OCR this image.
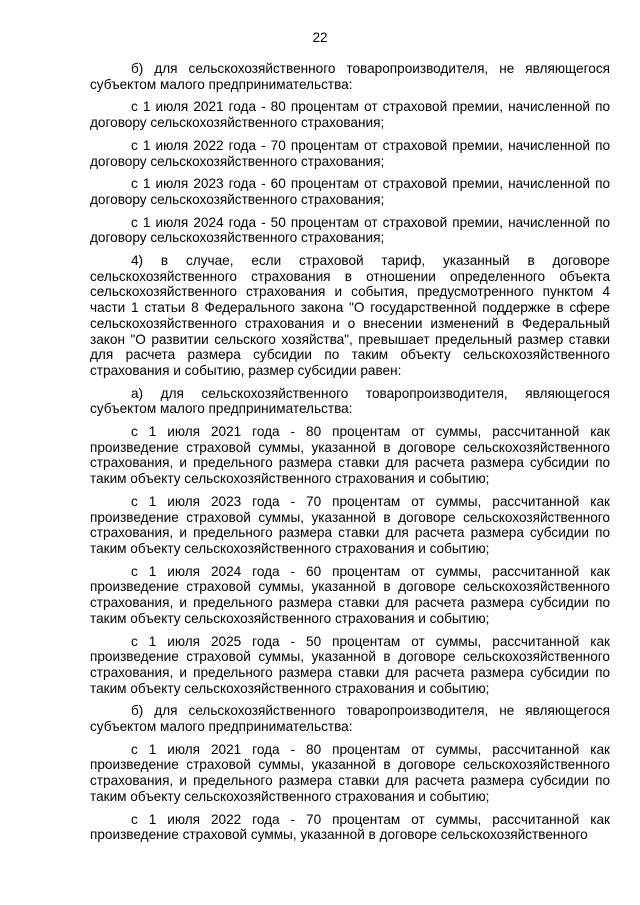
22

б) для сельскохозяйственного товаропроизводителя, не являющегося субъектом малого предпринимательства:

с 1 июля 2021 года - 80 процентам от страховой премии, начисленной по договору сельскохозяйственного страхования;

с 1 июля 2022 года - 70 процентам от страховой премии, начисленной по договору сельскохозяйственного страхования;

с 1 июля 2023 года - 60 процентам от страховой премии, начисленной по договору сельскохозяйственного страхования;

с 1 июля 2024 года - 50 процентам от страховой премии, начисленной по договору сельскохозяйственного страхования;

4) в случае, если страховой тариф, указанный в договоре сельскохозяйственного страхования в отношении определенного объекта сельскохозяйственного страхования и события, предусмотренного пунктом 4 части 1 статьи 8 Федерального закона "О государственной поддержке в сфере сельскохозяйственного страхования и о внесении изменений в Федеральный закон "О развитии сельского хозяйства", превышает предельный размер ставки для расчета размера субсидии по таким объекту сельскохозяйственного страхования и событию, размер субсидии равен:

а) для сельскохозяйственного товаропроизводителя, являющегося субъектом малого предпринимательства:

с 1 июля 2021 года - 80 процентам от суммы, рассчитанной как произведение страховой суммы, указанной в договоре сельскохозяйственного страхования, и предельного размера ставки для расчета размера субсидии по таким объекту сельскохозяйственного страхования и событию;

с 1 июля 2023 года - 70 процентам от суммы, рассчитанной как произведение страховой суммы, указанной в договоре сельскохозяйственного страхования, и предельного размера ставки для расчета размера субсидии по таким объекту сельскохозяйственного страхования и событию;

с 1 июля 2024 года - 60 процентам от суммы, рассчитанной как произведение страховой суммы, указанной в договоре сельскохозяйственного страхования, и предельного размера ставки для расчета размера субсидии по таким объекту сельскохозяйственного страхования и событию;

с 1 июля 2025 года - 50 процентам от суммы, рассчитанной как произведение страховой суммы, указанной в договоре сельскохозяйственного страхования, и предельного размера ставки для расчета размера субсидии по таким объекту сельскохозяйственного страхования и событию;

б) для сельскохозяйственного товаропроизводителя, не являющегося субъектом малого предпринимательства:

с 1 июля 2021 года - 80 процентам от суммы, рассчитанной как произведение страховой суммы, указанной в договоре сельскохозяйственного страхования, и предельного размера ставки для расчета размера субсидии по таким объекту сельскохозяйственного страхования и событию;

с 1 июля 2022 года - 70 процентам от суммы, рассчитанной как произведение страховой суммы, указанной в договоре сельскохозяйственного
